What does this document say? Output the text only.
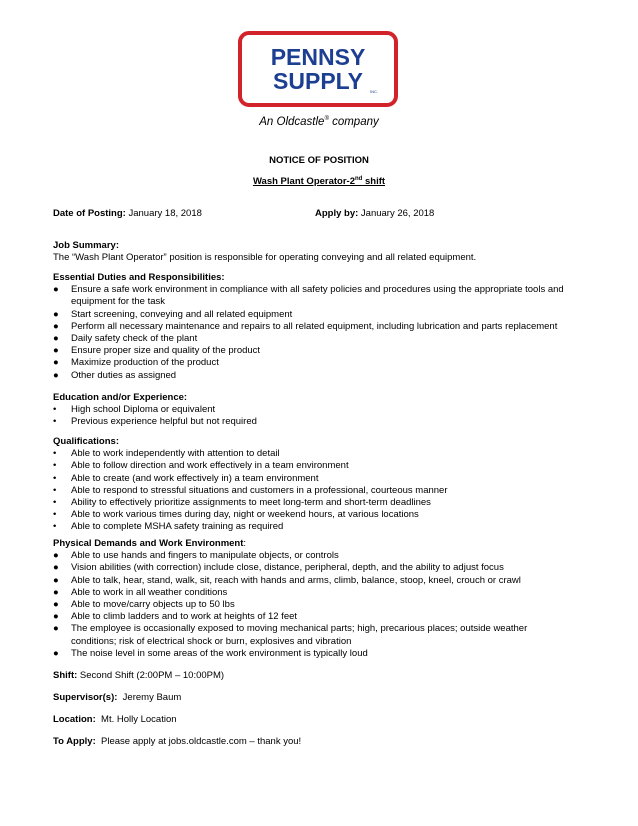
PENNSY
SUPPLY	INC.
An Oldcastle® company
NOTICE OF POSITION
Wash Plant Operator-2nd shift
Date of Posting: January 18, 2018	Apply by: January 26, 2018
Job Summary:
The “Wash Plant Operator” position is responsible for operating conveying and all related equipment.
Essential Duties and Responsibilities:
● Ensure a safe work environment in compliance with all safety policies and procedures using the appropriate tools and equipment for the task
● Start screening, conveying and all related equipment
● Perform all necessary maintenance and repairs to all related equipment, including lubrication and parts replacement
● Daily safety check of the plant
● Ensure proper size and quality of the product
● Maximize production of the product
● Other duties as assigned
Education and/or Experience:
• High school Diploma or equivalent
• Previous experience helpful but not required
Qualifications:
• Able to work independently with attention to detail
• Able to follow direction and work effectively in a team environment
• Able to create (and work effectively in) a team environment
• Able to respond to stressful situations and customers in a professional, courteous manner
• Ability to effectively prioritize assignments to meet long-term and short-term deadlines
• Able to work various times during day, night or weekend hours, at various locations
• Able to complete MSHA safety training as required
Physical Demands and Work Environment:
● Able to use hands and fingers to manipulate objects, or controls
● Vision abilities (with correction) include close, distance, peripheral, depth, and the ability to adjust focus
● Able to talk, hear, stand, walk, sit, reach with hands and arms, climb, balance, stoop, kneel, crouch or crawl
● Able to work in all weather conditions
● Able to move/carry objects up to 50 lbs
● Able to climb ladders and to work at heights of 12 feet
● The employee is occasionally exposed to moving mechanical parts; high, precarious places; outside weather conditions; risk of electrical shock or burn, explosives and vibration
● The noise level in some areas of the work environment is typically loud
Shift: Second Shift (2:00PM – 10:00PM)
Supervisor(s):  Jeremy Baum
Location:  Mt. Holly Location
To Apply:  Please apply at jobs.oldcastle.com – thank you!
